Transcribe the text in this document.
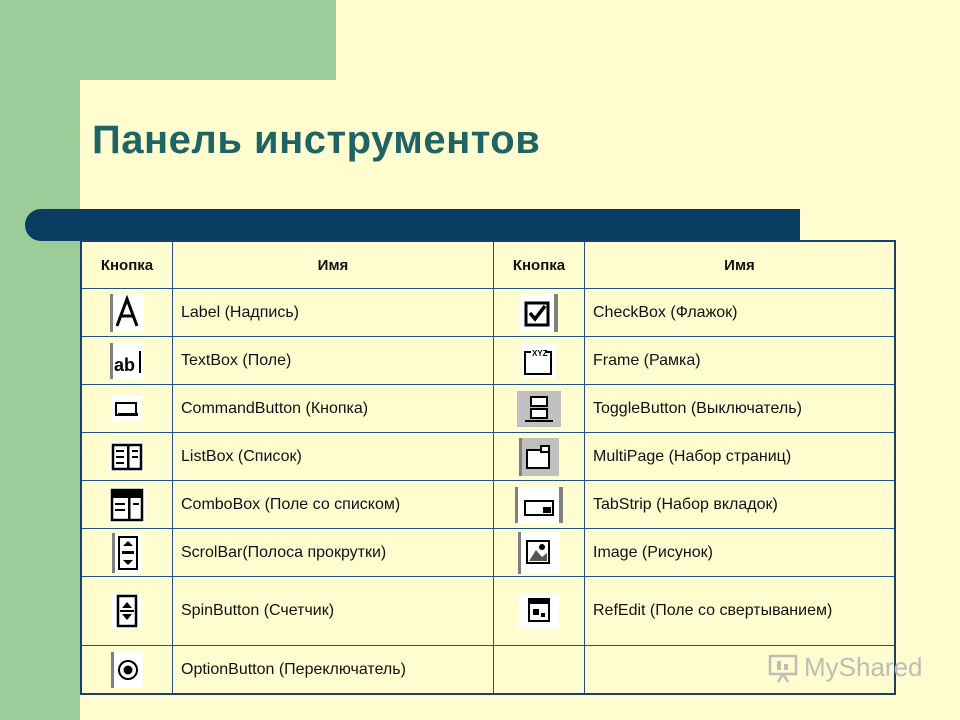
Панель инструментов
Кнопка	Имя	Кнопка	Имя

	Label (Надпись)		CheckBox (Флажок)

ab	TextBox (Поле)	XYZ	Frame (Рамка)

	CommandButton (Кнопка)		ToggleButton (Выключатель)

	ListBox (Список)		MultiPage (Набор страниц)

	ComboBox (Поле со списком)		TabStrip (Набор вкладок)

	ScrolBar(Полоса прокрутки)		Image (Рисунок)

	SpinButton (Счетчик)		RefEdit (Поле со свертыванием)

	OptionButton (Переключатель)			MyShared
